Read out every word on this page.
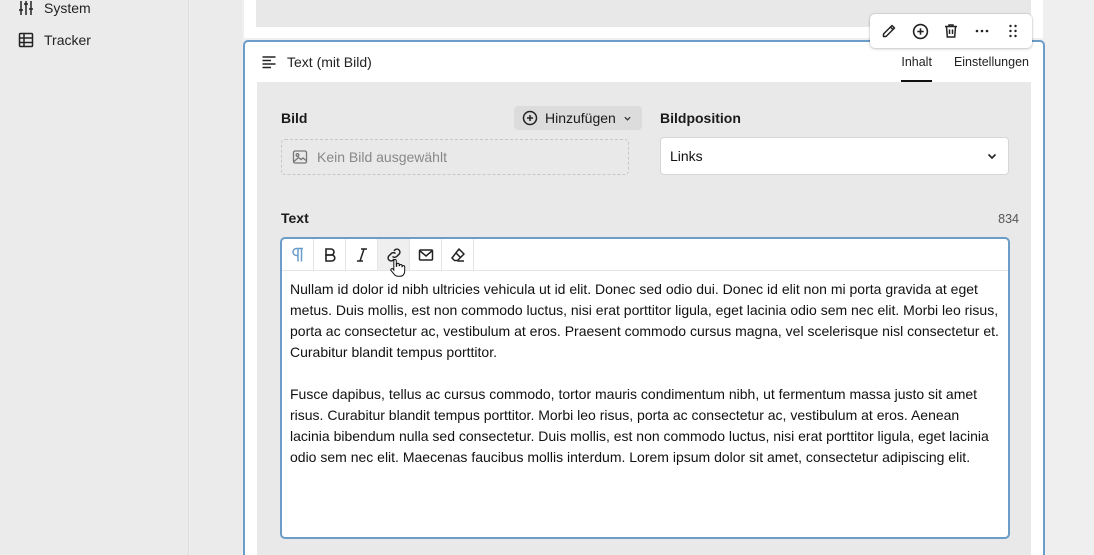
System
Tracker
Text (mit Bild)	Inhalt Einstellungen
Bild	Hinzufügen
Kein Bild ausgewählt
Bildposition
Links
Text	834

Nullam id dolor id nibh ultricies vehicula ut id elit. Donec sed odio dui. Donec id elit non mi porta gravida at eget metus. Duis mollis, est non commodo luctus, nisi erat porttitor ligula, eget lacinia odio sem nec elit. Morbi leo risus, porta ac consectetur ac, vestibulum at eros. Praesent commodo cursus magna, vel scelerisque nisl consectetur et. Curabitur blandit tempus porttitor.

Fusce dapibus, tellus ac cursus commodo, tortor mauris condimentum nibh, ut fermentum massa justo sit amet risus. Curabitur blandit tempus porttitor. Morbi leo risus, porta ac consectetur ac, vestibulum at eros. Aenean lacinia bibendum nulla sed consectetur. Duis mollis, est non commodo luctus, nisi erat porttitor ligula, eget lacinia odio sem nec elit. Maecenas faucibus mollis interdum. Lorem ipsum dolor sit amet, consectetur adipiscing elit.
